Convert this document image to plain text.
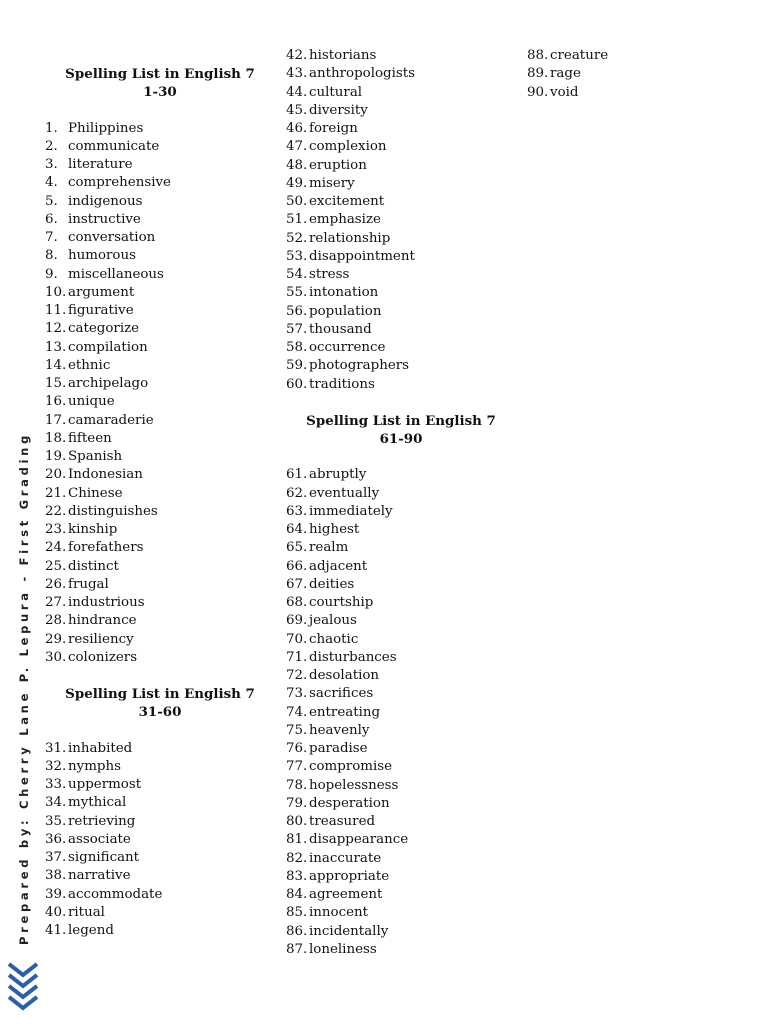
Spelling List in English 7
1-30
1. Philippines
2. communicate
3. literature
4. comprehensive
5. indigenous
6. instructive
7. conversation
8. humorous
9. miscellaneous
10. argument
11. figurative
12. categorize
13. compilation
14. ethnic
15. archipelago
16. unique
17. camaraderie
18. fifteen
19. Spanish
20. Indonesian
21. Chinese
22. distinguishes
23. kinship
24. forefathers
25. distinct
26. frugal
27. industrious
28. hindrance
29. resiliency
30. colonizers
Spelling List in English 7
31-60
31. inhabited
32. nymphs
33. uppermost
34. mythical
35. retrieving
36. associate
37. significant
38. narrative
39. accommodate
40. ritual
41. legend
42. historians
43. anthropologists
44. cultural
45. diversity
46. foreign
47. complexion
48. eruption
49. misery
50. excitement
51. emphasize
52. relationship
53. disappointment
54. stress
55. intonation
56. population
57. thousand
58. occurrence
59. photographers
60. traditions
Spelling List in English 7
61-90
61. abruptly
62. eventually
63. immediately
64. highest
65. realm
66. adjacent
67. deities
68. courtship
69. jealous
70. chaotic
71. disturbances
72. desolation
73. sacrifices
74. entreating
75. heavenly
76. paradise
77. compromise
78. hopelessness
79. desperation
80. treasured
81. disappearance
82. inaccurate
83. appropriate
84. agreement
85. innocent
86. incidentally
87. loneliness
88. creature
89. rage
90. void
Prepared by: Cherry Lane P. Lepura - First Grading
